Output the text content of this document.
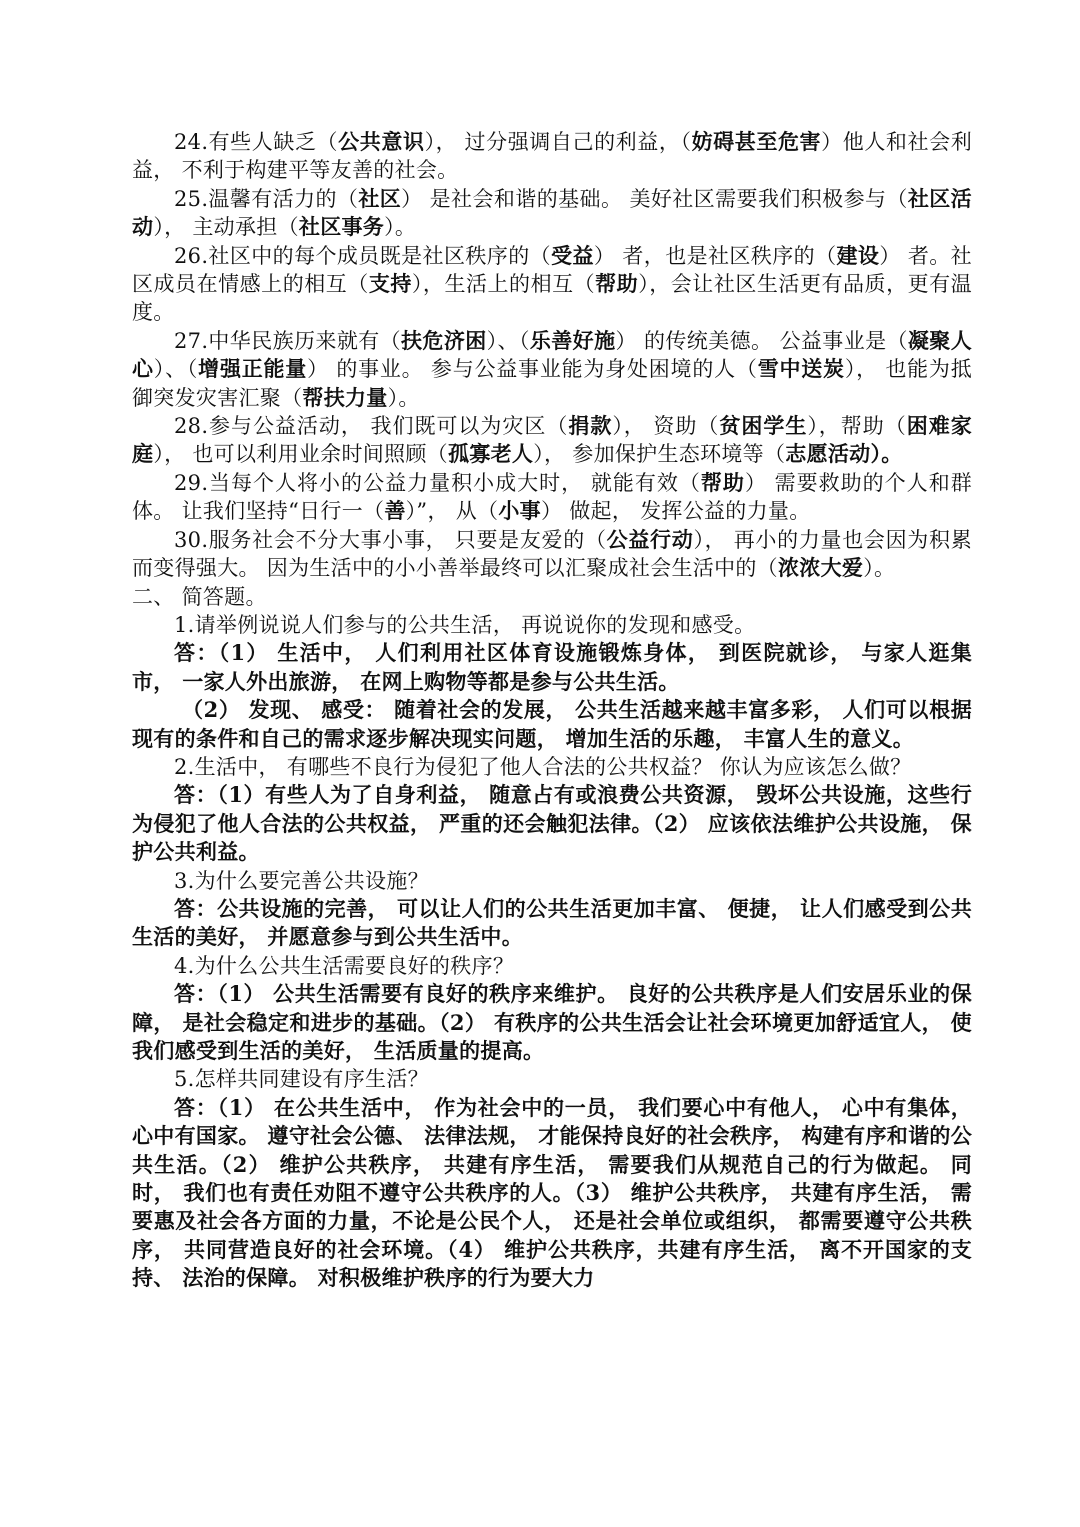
24.有些人缺乏（公共意识）， 过分强调自己的利益，（妨碍甚至危害）他人和社会利益， 不利于构建平等友善的社会。

25.温馨有活力的（社区） 是社会和谐的基础。 美好社区需要我们积极参与（社区活动）， 主动承担（社区事务）。

26.社区中的每个成员既是社区秩序的（受益） 者，也是社区秩序的（建设） 者。社区成员在情感上的相互（支持），生活上的相互（帮助），会让社区生活更有品质，更有温度。

27.中华民族历来就有（扶危济困）、（乐善好施） 的传统美德。 公益事业是（凝聚人心）、（增强正能量） 的事业。 参与公益事业能为身处困境的人（雪中送炭）， 也能为抵御突发灾害汇聚（帮扶力量）。

28.参与公益活动， 我们既可以为灾区（捐款）， 资助（贫困学生），帮助（困难家庭）， 也可以利用业余时间照顾（孤寡老人）， 参加保护生态环境等（志愿活动）。

29.当每个人将小的公益力量积小成大时， 就能有效（帮助） 需要救助的个人和群体。 让我们坚持“日行一（善）”， 从（小事） 做起， 发挥公益的力量。

30.服务社会不分大事小事， 只要是友爱的（公益行动）， 再小的力量也会因为积累而变得强大。 因为生活中的小小善举最终可以汇聚成社会生活中的（浓浓大爱）。

二、 简答题。

1.请举例说说人们参与的公共生活， 再说说你的发现和感受。

答：（1） 生活中， 人们利用社区体育设施锻炼身体， 到医院就诊， 与家人逛集市， 一家人外出旅游， 在网上购物等都是参与公共生活。

（2） 发现、 感受： 随着社会的发展， 公共生活越来越丰富多彩， 人们可以根据现有的条件和自己的需求逐步解决现实问题， 增加生活的乐趣， 丰富人生的意义。

2.生活中， 有哪些不良行为侵犯了他人合法的公共权益？ 你认为应该怎么做？

答：（1）有些人为了自身利益， 随意占有或浪费公共资源， 毁坏公共设施，这些行为侵犯了他人合法的公共权益， 严重的还会触犯法律。（2） 应该依法维护公共设施， 保护公共利益。

3.为什么要完善公共设施？

答：公共设施的完善， 可以让人们的公共生活更加丰富、 便捷， 让人们感受到公共生活的美好， 并愿意参与到公共生活中。

4.为什么公共生活需要良好的秩序？

答：（1） 公共生活需要有良好的秩序来维护。 良好的公共秩序是人们安居乐业的保障， 是社会稳定和进步的基础。（2） 有秩序的公共生活会让社会环境更加舒适宜人， 使我们感受到生活的美好， 生活质量的提高。

5.怎样共同建设有序生活？

答：（1） 在公共生活中， 作为社会中的一员， 我们要心中有他人， 心中有集体， 心中有国家。 遵守社会公德、 法律法规， 才能保持良好的社会秩序， 构建有序和谐的公共生活。（2） 维护公共秩序， 共建有序生活， 需要我们从规范自己的行为做起。 同时， 我们也有责任劝阻不遵守公共秩序的人。（3） 维护公共秩序， 共建有序生活， 需要惠及社会各方面的力量，不论是公民个人， 还是社会单位或组织， 都需要遵守公共秩序， 共同营造良好的社会环境。（4） 维护公共秩序，共建有序生活， 离不开国家的支持、 法治的保障。 对积极维护秩序的行为要大力
